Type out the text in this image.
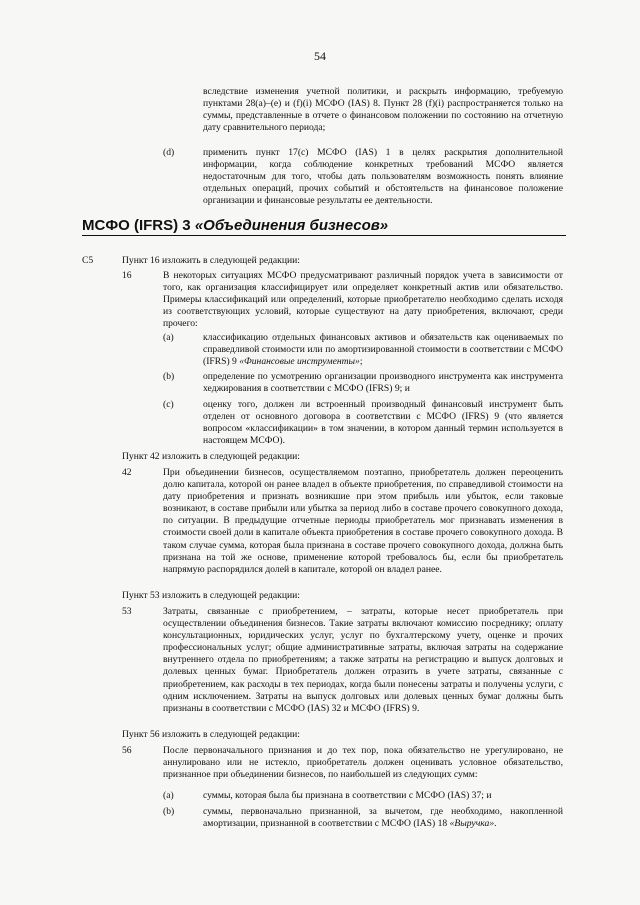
54
вследствие изменения учетной политики, и раскрыть информацию, требуемую пунктами 28(a)–(e) и (f)(i) МСФО (IAS) 8. Пункт 28 (f)(i) распространяется только на суммы, представленные в отчете о финансовом положении по состоянию на отчетную дату сравнительного периода;
(d)	применить пункт 17(c) МСФО (IAS) 1 в целях раскрытия дополнительной информации, когда соблюдение конкретных требований МСФО является недостаточным для того, чтобы дать пользователям возможность понять влияние отдельных операций, прочих событий и обстоятельств на финансовое положение организации и финансовые результаты ее деятельности.
МСФО (IFRS) 3 «Объединения бизнесов»
C5	Пункт 16 изложить в следующей редакции:
16	В некоторых ситуациях МСФО предусматривают различный порядок учета в зависимости от того, как организация классифицирует или определяет конкретный актив или обязательство. Примеры классификаций или определений, которые приобретателю необходимо сделать исходя из соответствующих условий, которые существуют на дату приобретения, включают, среди прочего:
(a)	классификацию отдельных финансовых активов и обязательств как оцениваемых по справедливой стоимости или по амортизированной стоимости в соответствии с МСФО (IFRS) 9 «Финансовые инструменты»;
(b)	определение по усмотрению организации производного инструмента как инструмента хеджирования в соответствии с МСФО (IFRS) 9; и
(c)	оценку того, должен ли встроенный производный финансовый инструмент быть отделен от основного договора в соответствии с МСФО (IFRS) 9 (что является вопросом «классификации» в том значении, в котором данный термин используется в настоящем МСФО).
Пункт 42 изложить в следующей редакции:
42	При объединении бизнесов, осуществляемом поэтапно, приобретатель должен переоценить долю капитала, которой он ранее владел в объекте приобретения, по справедливой стоимости на дату приобретения и признать возникшие при этом прибыль или убыток, если таковые возникают, в составе прибыли или убытка за период либо в составе прочего совокупного дохода, по ситуации. В предыдущие отчетные периоды приобретатель мог признавать изменения в стоимости своей доли в капитале объекта приобретения в составе прочего совокупного дохода. В таком случае сумма, которая была признана в составе прочего совокупного дохода, должна быть признана на той же основе, применение которой требовалось бы, если бы приобретатель напрямую распорядился долей в капитале, которой он владел ранее.
Пункт 53 изложить в следующей редакции:
53	Затраты, связанные с приобретением, – затраты, которые несет приобретатель при осуществлении объединения бизнесов. Такие затраты включают комиссию посреднику; оплату консультационных, юридических услуг, услуг по бухгалтерскому учету, оценке и прочих профессиональных услуг; общие административные затраты, включая затраты на содержание внутреннего отдела по приобретениям; а также затраты на регистрацию и выпуск долговых и долевых ценных бумаг. Приобретатель должен отразить в учете затраты, связанные с приобретением, как расходы в тех периодах, когда были понесены затраты и получены услуги, с одним исключением. Затраты на выпуск долговых или долевых ценных бумаг должны быть признаны в соответствии с МСФО (IAS) 32 и МСФО (IFRS) 9.
Пункт 56 изложить в следующей редакции:
56	После первоначального признания и до тех пор, пока обязательство не урегулировано, не аннулировано или не истекло, приобретатель должен оценивать условное обязательство, признанное при объединении бизнесов, по наибольшей из следующих сумм:
(a)	суммы, которая была бы признана в соответствии с МСФО (IAS) 37; и
(b)	суммы, первоначально признанной, за вычетом, где необходимо, накопленной амортизации, признанной в соответствии с МСФО (IAS) 18 «Выручка».
